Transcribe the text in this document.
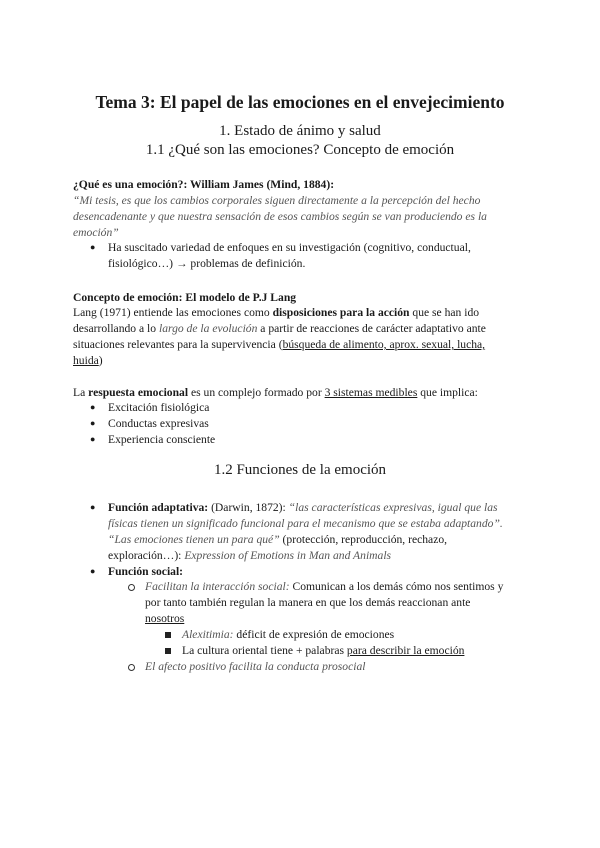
Tema 3: El papel de las emociones en el envejecimiento
1. Estado de ánimo y salud
1.1 ¿Qué son las emociones? Concepto de emoción
¿Qué es una emoción?: William James (Mind, 1884):
“Mi tesis, es que los cambios corporales siguen directamente a la percepción del hecho
desencadenante y que nuestra sensación de esos cambios según se van produciendo es la
emoción”
● Ha suscitado variedad de enfoques en su investigación (cognitivo, conductual,
fisiológico…) → problemas de definición.
Concepto de emoción: El modelo de P.J Lang
Lang (1971) entiende las emociones como disposiciones para la acción que se han ido
desarrollando a lo largo de la evolución a partir de reacciones de carácter adaptativo ante
situaciones relevantes para la supervivencia (búsqueda de alimento, aprox. sexual, lucha,
huida)
La respuesta emocional es un complejo formado por 3 sistemas medibles que implica:
● Excitación fisiológica
● Conductas expresivas
● Experiencia consciente
1.2 Funciones de la emoción
● Función adaptativa: (Darwin, 1872): “las características expresivas, igual que las
físicas tienen un significado funcional para el mecanismo que se estaba adaptando”.
“Las emociones tienen un para qué” (protección, reproducción, rechazo,
exploración…): Expression of Emotions in Man and Animals
● Función social:
Facilitan la interacción social: Comunican a los demás cómo nos sentimos y
por tanto también regulan la manera en que los demás reaccionan ante
nosotros
Alexitimia: déficit de expresión de emociones
La cultura oriental tiene + palabras para describir la emoción
El afecto positivo facilita la conducta prosocial
